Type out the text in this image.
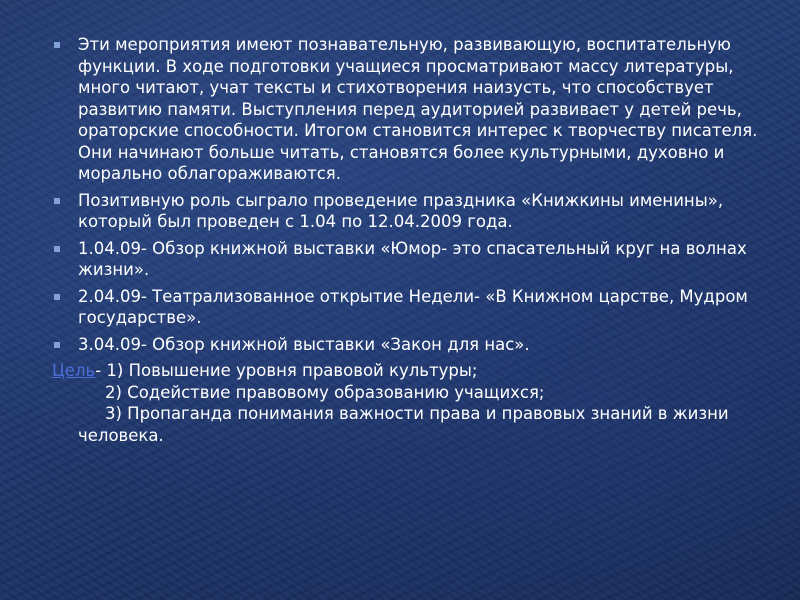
Эти мероприятия имеют познавательную, развивающую, воспитательную функции. В ходе подготовки учащиеся просматривают массу литературы, много читают, учат тексты и стихотворения наизусть, что способствует развитию памяти. Выступления перед аудиторией развивает у детей речь, ораторские способности. Итогом становится интерес к творчеству писателя. Они начинают больше читать, становятся более культурными, духовно и морально облагораживаются.
Позитивную роль сыграло проведение праздника «Книжкины именины», который был проведен с 1.04 по 12.04.2009 года.
1.04.09- Обзор книжной выставки «Юмор- это спасательный круг на волнах жизни».
2.04.09- Театрализованное открытие Недели- «В Книжном царстве, Мудром государстве».
3.04.09- Обзор книжной выставки «Закон для нас».
Цель- 1) Повышение уровня правовой культуры;
2) Содействие правовому образованию учащихся;
3) Пропаганда понимания важности права и правовых знаний в жизни человека.
